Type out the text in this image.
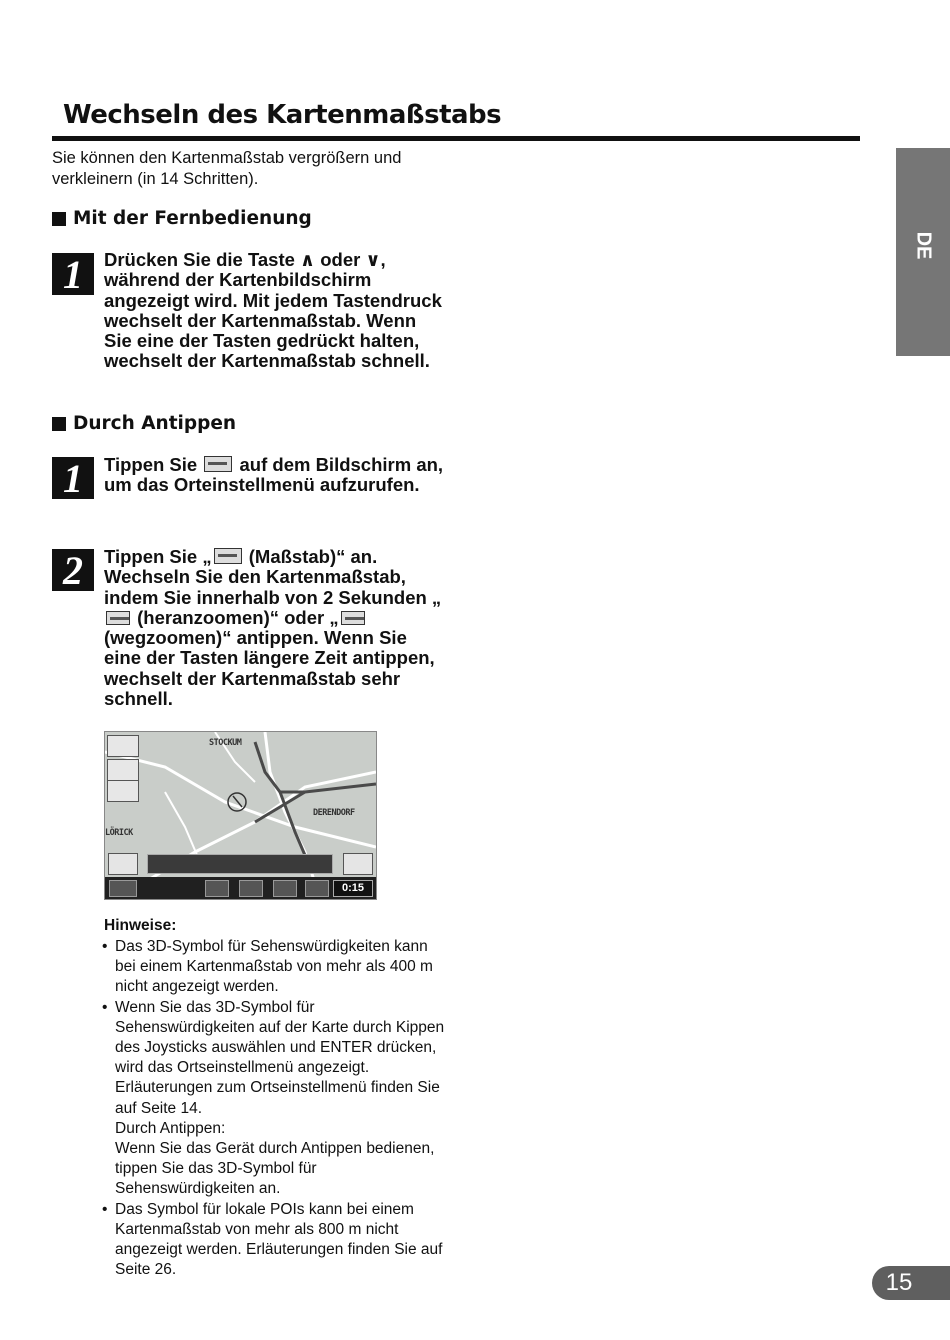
Wechseln des Kartenmaßstabs
Sie können den Kartenmaßstab vergrößern und verkleinern (in 14 Schritten).
DE
Mit der Fernbedienung
1	Drücken Sie die Taste ∧ oder ∨, während der Kartenbildschirm angezeigt wird. Mit jedem Tastendruck wechselt der Kartenmaßstab. Wenn Sie eine der Tasten gedrückt halten, wechselt der Kartenmaßstab schnell.
Durch Antippen
1	Tippen Sie auf dem Bildschirm an, um das Orteinstellmenü aufzurufen.
2	Tippen Sie „ (Maßstab)“ an. Wechseln Sie den Kartenmaßstab, indem Sie innerhalb von 2 Sekunden „ (heranzoomen)“ oder „ (wegzoomen)“ antippen. Wenn Sie eine der Tasten längere Zeit antippen, wechselt der Kartenmaßstab sehr schnell.
STOCKUM
DERENDORF
LÖRICK
0:15
Hinweise:
• Das 3D-Symbol für Sehenswürdigkeiten kann bei einem Kartenmaßstab von mehr als 400 m nicht angezeigt werden.
• Wenn Sie das 3D-Symbol für Sehenswürdigkeiten auf der Karte durch Kippen des Joysticks auswählen und ENTER drücken, wird das Ortseinstellmenü angezeigt.
Erläuterungen zum Ortseinstellmenü finden Sie auf Seite 14.
Durch Antippen:
Wenn Sie das Gerät durch Antippen bedienen, tippen Sie das 3D-Symbol für Sehenswürdigkeiten an.
• Das Symbol für lokale POIs kann bei einem Kartenmaßstab von mehr als 800 m nicht angezeigt werden. Erläuterungen finden Sie auf Seite 26.	15
